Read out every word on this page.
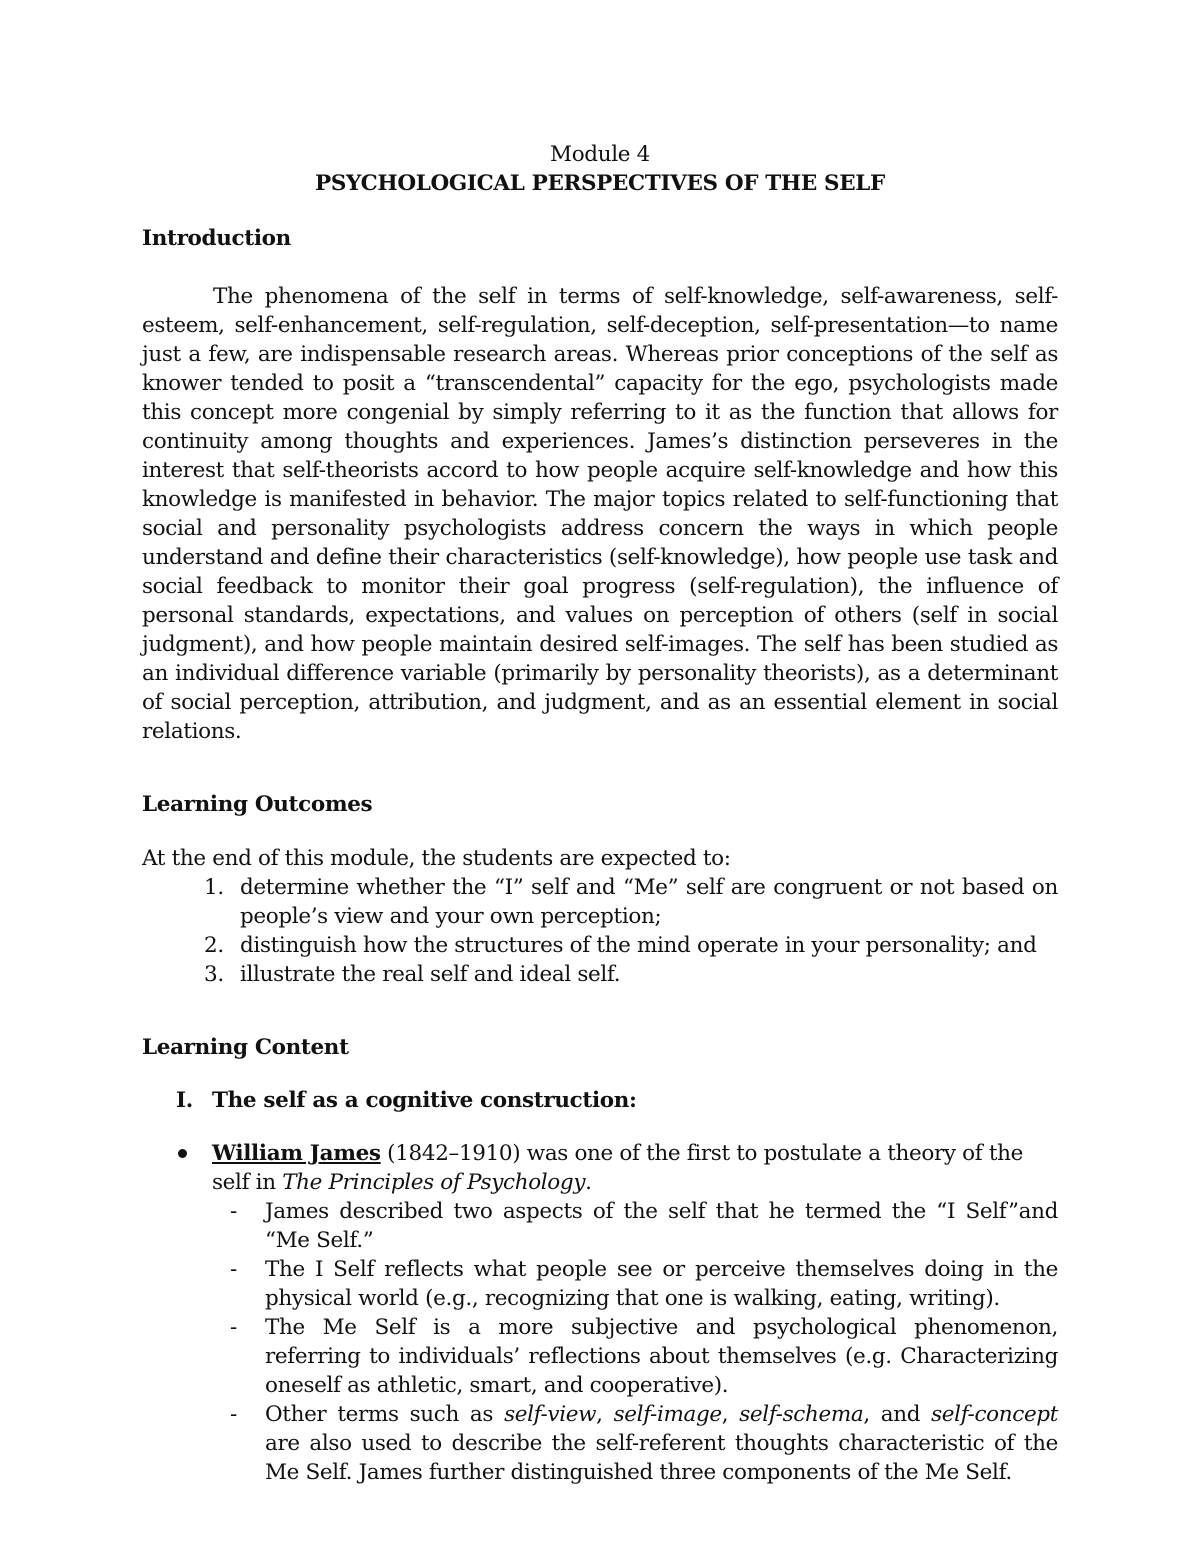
Module 4
PSYCHOLOGICAL PERSPECTIVES OF THE SELF
Introduction

The phenomena of the self in terms of self-knowledge, self-awareness, self-esteem, self-enhancement, self-regulation, self-deception, self-presentation—to name just a few, are indispensable research areas. Whereas prior conceptions of the self as knower tended to posit a “transcendental” capacity for the ego, psychologists made this concept more congenial by simply referring to it as the function that allows for continuity among thoughts and experiences. James’s distinction perseveres in the interest that self-theorists accord to how people acquire self-knowledge and how this knowledge is manifested in behavior. The major topics related to self-functioning that social and personality psychologists address concern the ways in which people understand and define their characteristics (self-knowledge), how people use task and social feedback to monitor their goal progress (self-regulation), the influence of personal standards, expectations, and values on perception of others (self in social judgment), and how people maintain desired self-images. The self has been studied as an individual difference variable (primarily by personality theorists), as a determinant of social perception, attribution, and judgment, and as an essential element in social relations.

Learning Outcomes
At the end of this module, the students are expected to:
1. determine whether the “I” self and “Me” self are congruent or not based on people’s view and your own perception;
2. distinguish how the structures of the mind operate in your personality; and
3. illustrate the real self and ideal self.
Learning Content
I. The self as a cognitive construction:
William James (1842–1910) was one of the first to postulate a theory of the self in The Principles of Psychology.
- James described two aspects of the self that he termed the “I Self”and “Me Self.”
- The I Self reflects what people see or perceive themselves doing in the physical world (e.g., recognizing that one is walking, eating, writing).
- The Me Self is a more subjective and psychological phenomenon, referring to individuals’ reflections about themselves (e.g. Characterizing oneself as athletic, smart, and cooperative).
- Other terms such as self-view, self-image, self-schema, and self-concept are also used to describe the self-referent thoughts characteristic of the Me Self. James further distinguished three components of the Me Self.
